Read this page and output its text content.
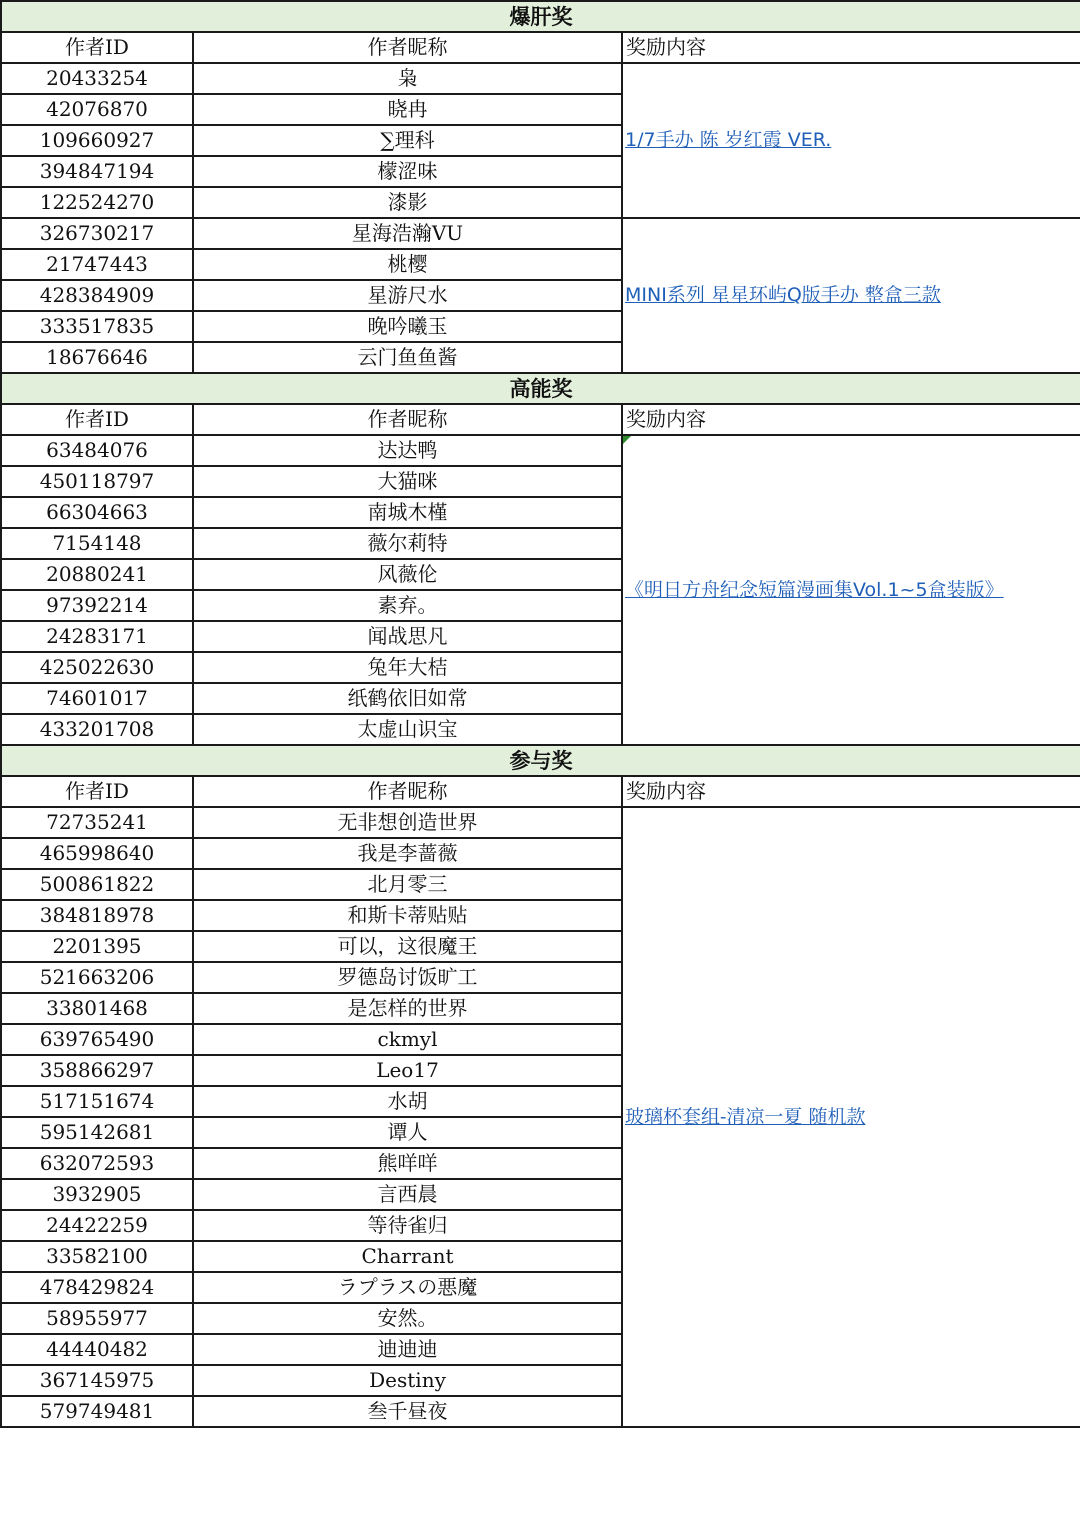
爆肝奖		
作者ID	作者昵称	奖励内容
20433254	枭	1/7手办 陈 岁红霞 VER.
42076870	晓冉	
109660927	∑理科	
394847194	檬涩味	
122524270	漆影	
326730217	星海浩瀚VU	MINI系列 星星环屿Q版手办 整盒三款
21747443	桃樱	
428384909	星游尺水	
333517835	晚吟曦玉	
18676646	云门鱼鱼酱	
高能奖		
作者ID	作者昵称	奖励内容
63484076	达达鸭	《明日方舟纪念短篇漫画集Vol.1~5盒装版》
450118797	大猫咪	
66304663	南城木槿	
7154148	薇尔莉特	
20880241	风薇伦	
97392214	素弃。	
24283171	闻战思凡	
425022630	兔年大桔	
74601017	纸鹤依旧如常	
433201708	太虚山识宝	
参与奖		
作者ID	作者昵称	奖励内容
72735241	无非想创造世界	玻璃杯套组-清凉一夏 随机款
465998640	我是李蔷薇	
500861822	北月零三	
384818978	和斯卡蒂贴贴	
2201395	可以，这很魔王	
521663206	罗德岛讨饭旷工	
33801468	是怎样的世界	
639765490	ckmyl	
358866297	Leo17	
517151674	水胡	
595142681	谭人	
632072593	熊咩咩	
3932905	言西晨	
24422259	等待雀归	
33582100	Charrant	
478429824	ラプラスの悪魔	
58955977	安然。	
44440482	迪迪迪	
367145975	Destiny	
579749481	叁千昼夜	
